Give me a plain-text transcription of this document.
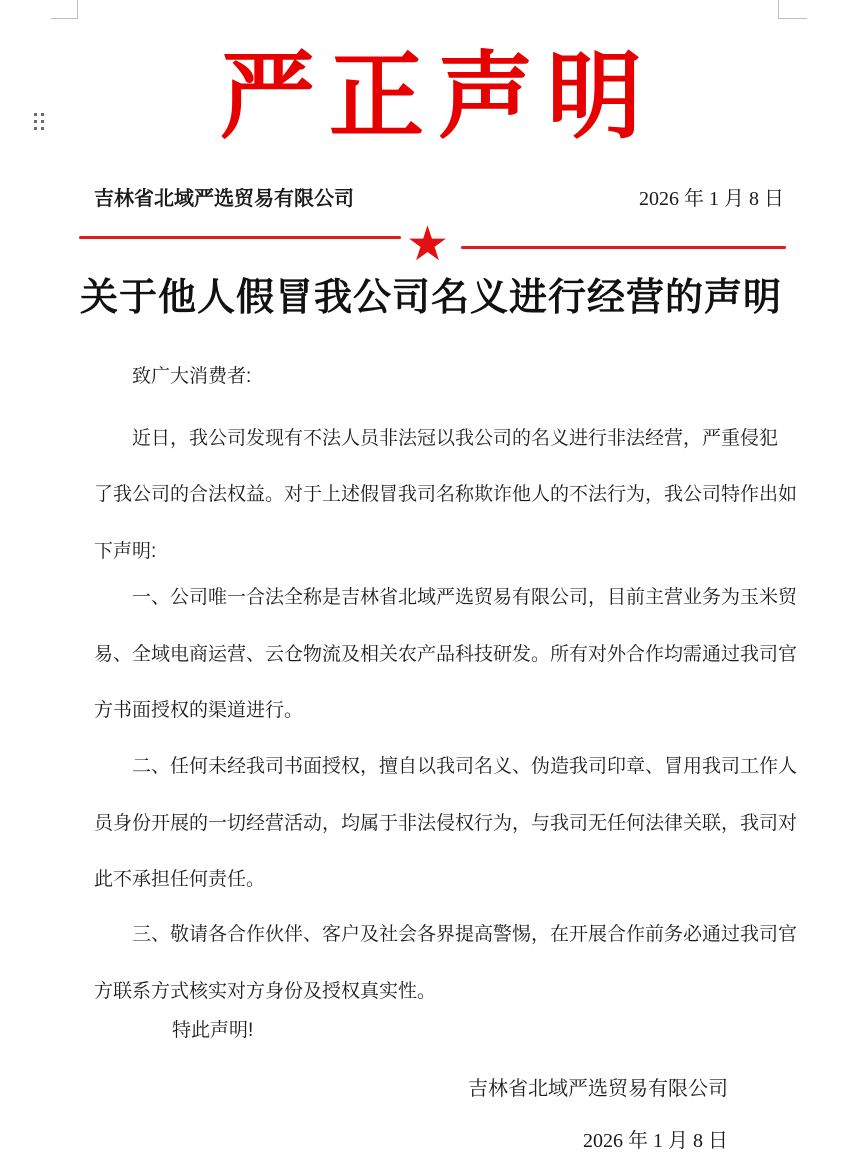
严正声明
吉林省北域严选贸易有限公司	2026 年 1 月 8 日
★
关于他人假冒我公司名义进行经营的声明
致广大消费者:
近日，我公司发现有不法人员非法冠以我公司的名义进行非法经营，严重侵犯
了我公司的合法权益。对于上述假冒我司名称欺诈他人的不法行为，我公司特作出如
下声明:
一、公司唯一合法全称是吉林省北域严选贸易有限公司，目前主营业务为玉米贸
易、全域电商运营、云仓物流及相关农产品科技研发。所有对外合作均需通过我司官
方书面授权的渠道进行。
二、任何未经我司书面授权，擅自以我司名义、伪造我司印章、冒用我司工作人
员身份开展的一切经营活动，均属于非法侵权行为，与我司无任何法律关联，我司对
此不承担任何责任。
三、敬请各合作伙伴、客户及社会各界提高警惕，在开展合作前务必通过我司官
方联系方式核实对方身份及授权真实性。
特此声明!
吉林省北域严选贸易有限公司
2026 年 1 月 8 日
